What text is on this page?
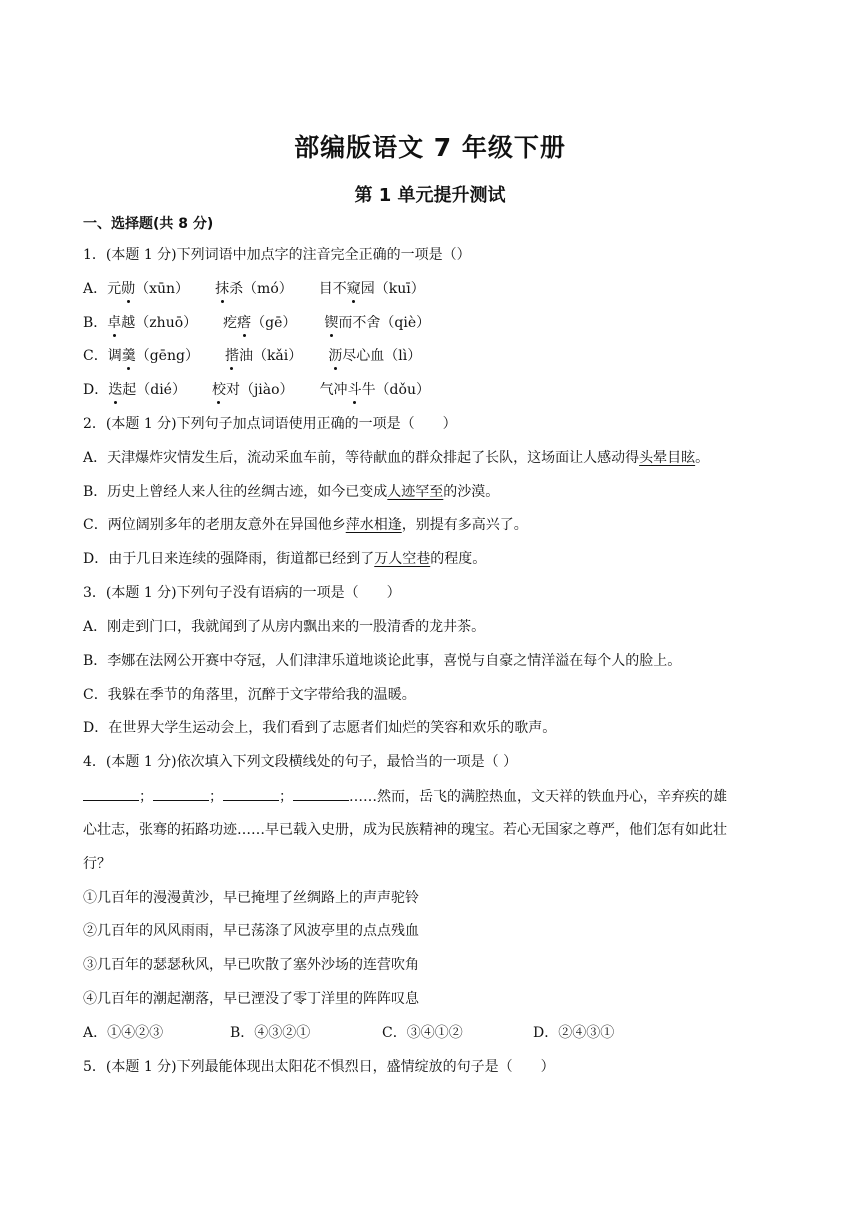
部编版语文 7 年级下册
第 1 单元提升测试
一、选择题(共 8 分)
1．(本题 1 分)下列词语中加点字的注音完全正确的一项是（）
A．元勋（xūn） 抹杀（mó） 目不窥园（kuī）
B．卓越（zhuō） 疙瘩（gē） 锲而不舍（qiè）
C．调羹（gēng） 揩油（kǎi） 沥尽心血（lì）
D．迭起（dié） 校对（jiào） 气冲斗牛（dǒu）
2．(本题 1 分)下列句子加点词语使用正确的一项是（　　）
A．天津爆炸灾情发生后，流动采血车前，等待献血的群众排起了长队，这场面让人感动得头晕目眩。
B．历史上曾经人来人往的丝绸古迹，如今已变成人迹罕至的沙漠。
C．两位阔别多年的老朋友意外在异国他乡萍水相逢，别提有多高兴了。
D．由于几日来连续的强降雨，街道都已经到了万人空巷的程度。
3．(本题 1 分)下列句子没有语病的一项是（　　）
A．刚走到门口，我就闻到了从房内飘出来的一股清香的龙井茶。
B．李娜在法网公开赛中夺冠，人们津津乐道地谈论此事，喜悦与自豪之情洋溢在每个人的脸上。
C．我躲在季节的角落里，沉醉于文字带给我的温暖。
D．在世界大学生运动会上，我们看到了志愿者们灿烂的笑容和欢乐的歌声。
4．(本题 1 分)依次填入下列文段横线处的句子，最恰当的一项是（ ）
；	；	；	……然而，岳飞的满腔热血，文天祥的铁血丹心，辛弃疾的雄
心壮志，张骞的拓路功迹……早已载入史册，成为民族精神的瑰宝。若心无国家之尊严，他们怎有如此壮
行？
①几百年的漫漫黄沙，早已掩埋了丝绸路上的声声驼铃
②几百年的风风雨雨，早已荡涤了风波亭里的点点残血
③几百年的瑟瑟秋风，早已吹散了塞外沙场的连营吹角
④几百年的潮起潮落，早已湮没了零丁洋里的阵阵叹息
A．①④②③	B．④③②①	C．③④①②	D．②④③①
5．(本题 1 分)下列最能体现出太阳花不惧烈日，盛情绽放的句子是（　　）
